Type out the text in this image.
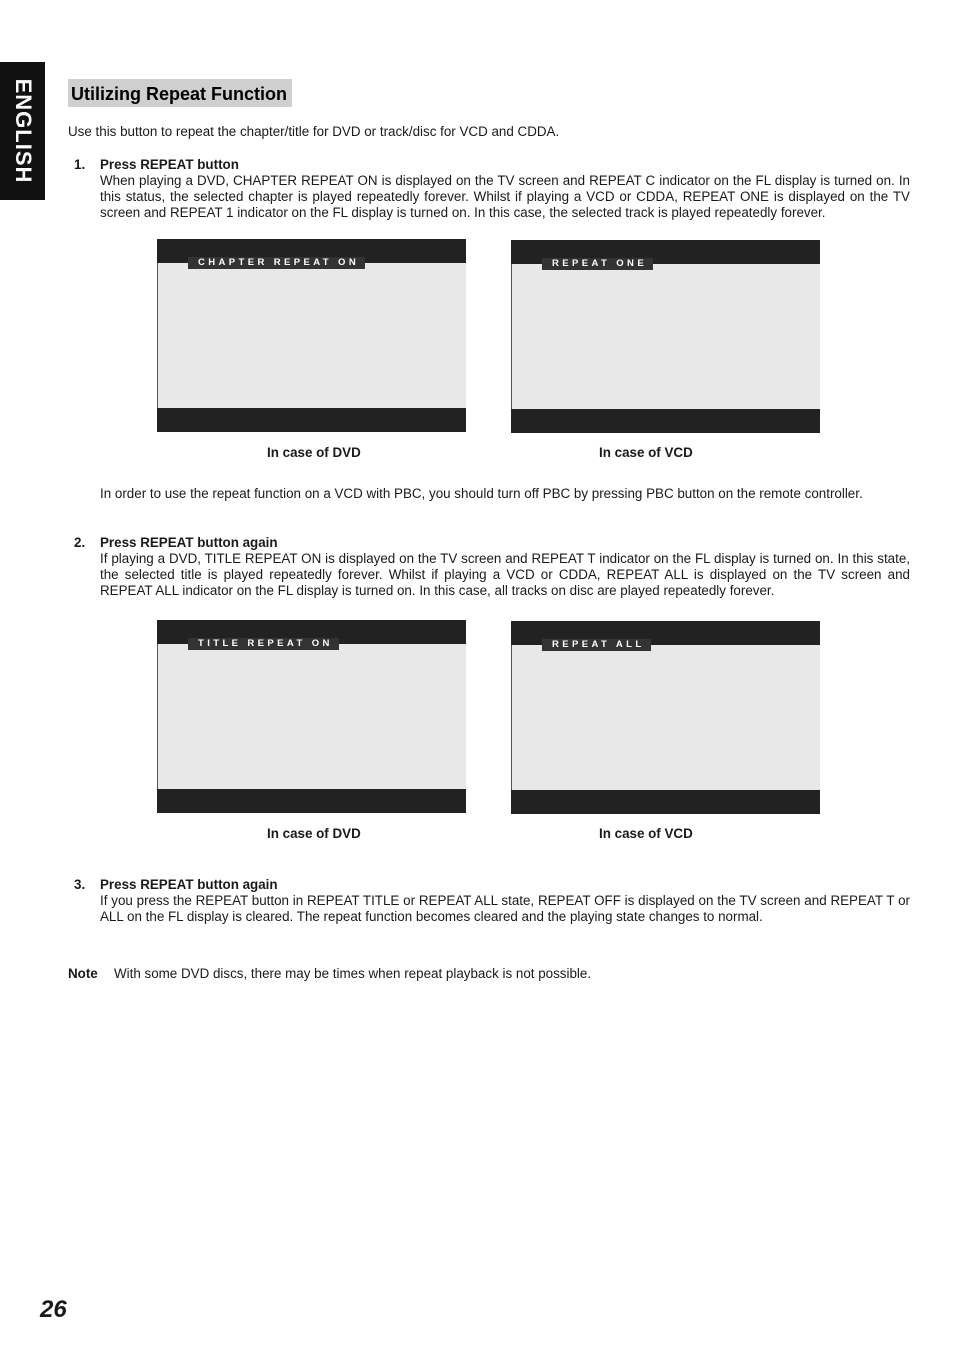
ENGLISH Utilizing Repeat Function

Use this button to repeat the chapter/title for DVD or track/disc for VCD and CDDA.

1. Press REPEAT button
When playing a DVD, CHAPTER REPEAT ON is displayed on the TV screen and REPEAT C indicator on the FL display is turned on. In this status, the selected chapter is played repeatedly forever. Whilst if playing a VCD or CDDA, REPEAT ONE is displayed on the TV screen and REPEAT 1 indicator on the FL display is turned on. In this case, the selected track is played repeatedly forever.
CHAPTER REPEAT ON	REPEAT ONE
In case of DVD	In case of VCD

In order to use the repeat function on a VCD with PBC, you should turn off PBC by pressing PBC button on the remote controller.

2. Press REPEAT button again
If playing a DVD, TITLE REPEAT ON is displayed on the TV screen and REPEAT T indicator on the FL display is turned on. In this state, the selected title is played repeatedly forever. Whilst if playing a VCD or CDDA, REPEAT ALL is displayed on the TV screen and REPEAT ALL indicator on the FL display is turned on. In this case, all tracks on disc are played repeatedly forever.
TITLE REPEAT ON	REPEAT ALL
In case of DVD	In case of VCD
3. Press REPEAT button again
If you press the REPEAT button in REPEAT TITLE or REPEAT ALL state, REPEAT OFF is displayed on the TV screen and REPEAT T or ALL on the FL display is cleared. The repeat function becomes cleared and the playing state changes to normal.
Note With some DVD discs, there may be times when repeat playback is not possible.
26
